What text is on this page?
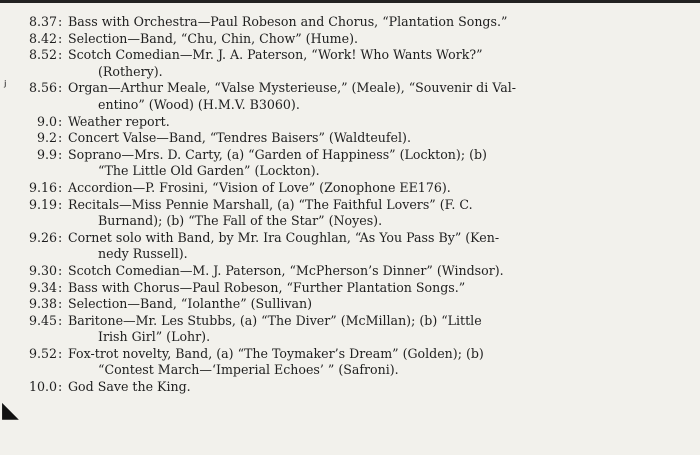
8.37 : Bass with Orchestra—Paul Robeson and Chorus, “Plantation Songs.”
8.42 : Selection—Band, “Chu, Chin, Chow” (Hume).
8.52 : Scotch Comedian—Mr. J. A. Paterson, “Work! Who Wants Work?”
(Rothery).
8.56 : Organ—Arthur Meale, “Valse Mysterieuse,” (Meale), “Souvenir di Val-
entino” (Wood) (H.M.V. B3060).
9.0 : Weather report.
9.2 : Concert Valse—Band, “Tendres Baisers” (Waldteufel).
9.9 : Soprano—Mrs. D. Carty, (a) “Garden of Happiness” (Lockton); (b)
“The Little Old Garden” (Lockton).
9.16 : Accordion—P. Frosini, “Vision of Love” (Zonophone EE176).
9.19 : Recitals—Miss Pennie Marshall, (a) “The Faithful Lovers” (F. C.
Burnand); (b) “The Fall of the Star” (Noyes).
9.26 : Cornet solo with Band, by Mr. Ira Coughlan, “As You Pass By” (Ken-
nedy Russell).
9.30 : Scotch Comedian—M. J. Paterson, “McPherson’s Dinner” (Windsor).
9.34 : Bass with Chorus—Paul Robeson, “Further Plantation Songs.”
9.38 : Selection—Band, “Iolanthe” (Sullivan)
9.45 : Baritone—Mr. Les Stubbs, (a) “The Diver” (McMillan); (b) “Little
Irish Girl” (Lohr).
9.52 : Fox-trot novelty, Band, (a) “The Toymaker’s Dream” (Golden); (b)
“Contest March—‘Imperial Echoes’ ” (Safroni).
10.0 : God Save the King.
ⱼ
◣
